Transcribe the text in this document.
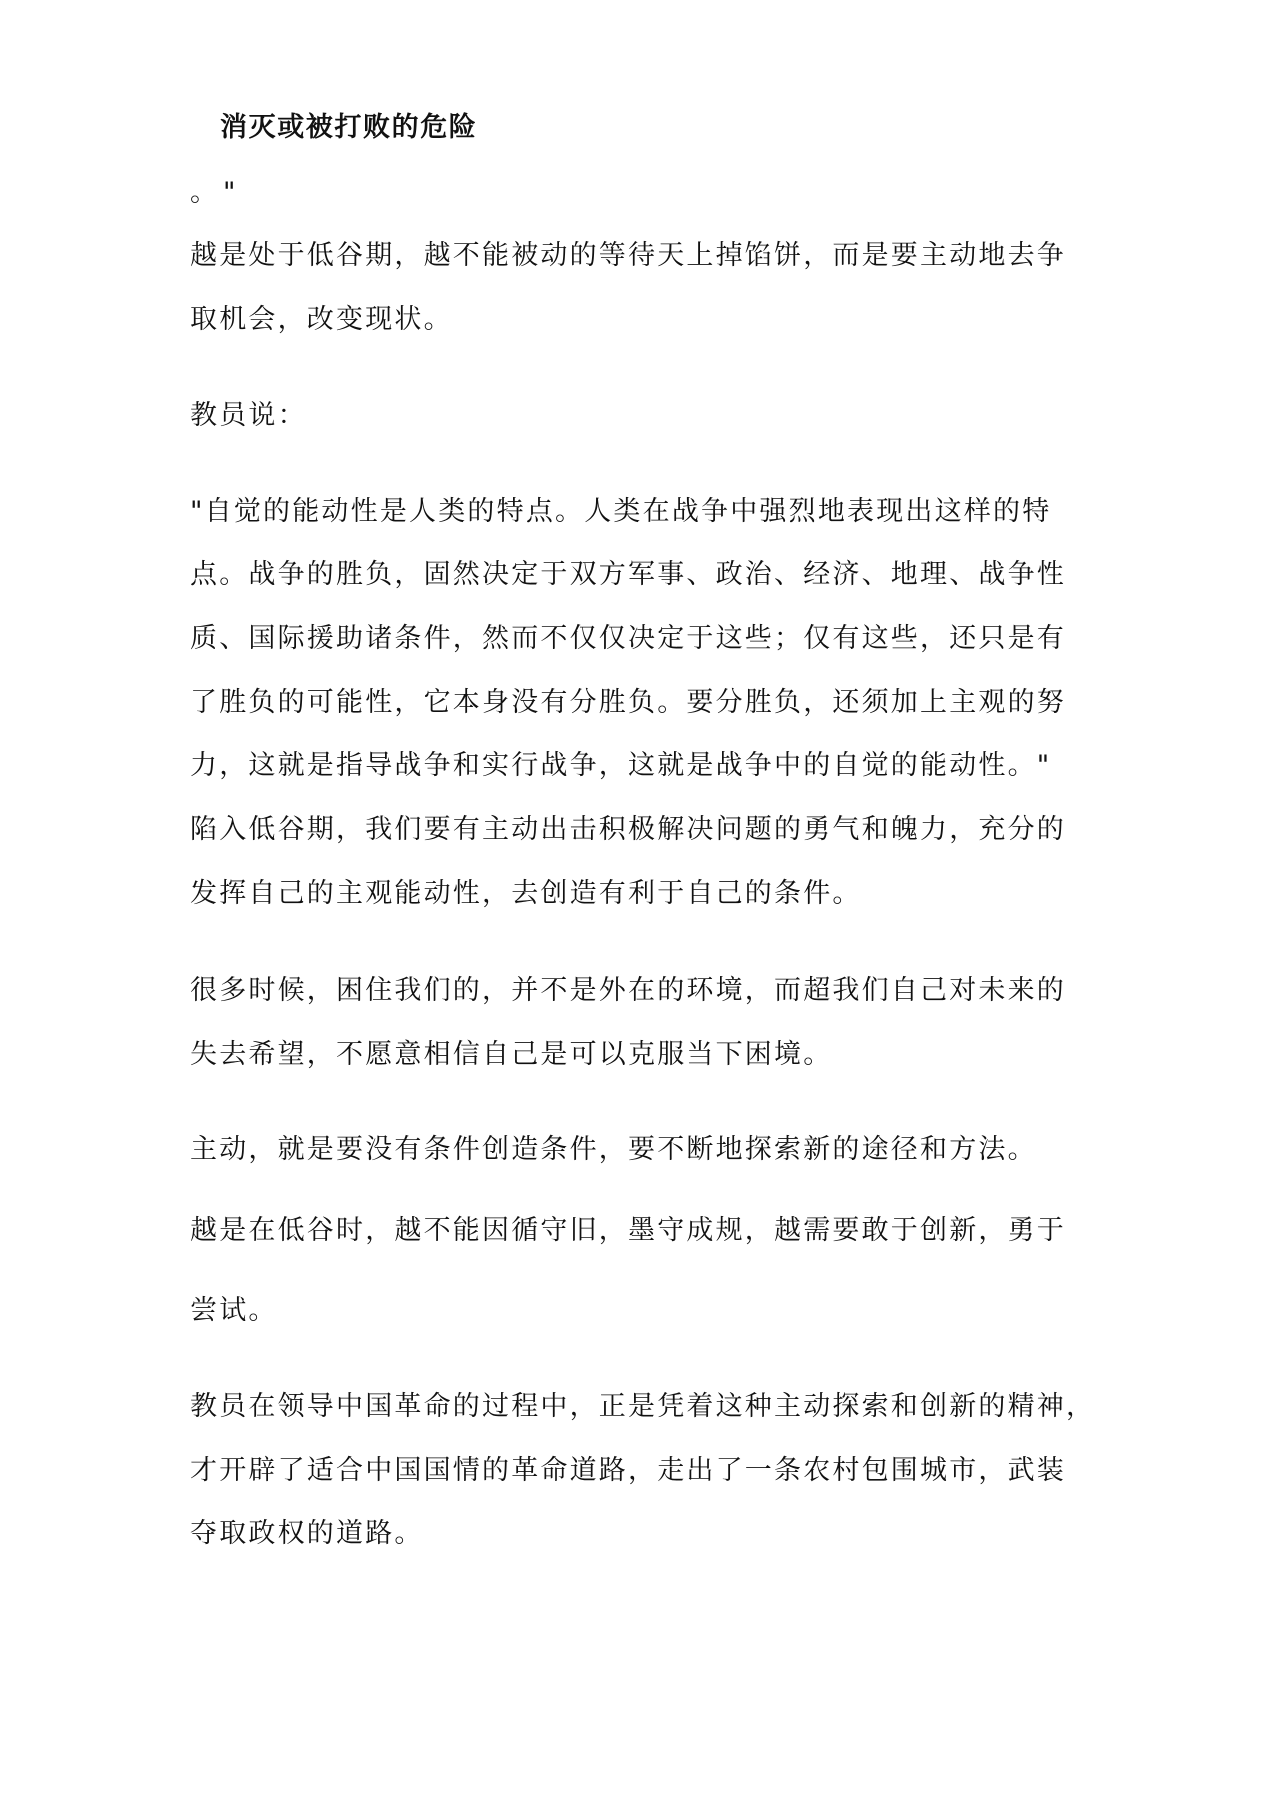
消灭或被打败的危险

。"

越是处于低谷期，越不能被动的等待天上掉馅饼，而是要主动地去争

取机会，改变现状。

教员说：

"自觉的能动性是人类的特点。人类在战争中强烈地表现出这样的特

点。战争的胜负，固然决定于双方军事、政治、经济、地理、战争性

质、国际援助诸条件，然而不仅仅决定于这些；仅有这些，还只是有

了胜负的可能性，它本身没有分胜负。要分胜负，还须加上主观的努

力，这就是指导战争和实行战争，这就是战争中的自觉的能动性。"

陷入低谷期，我们要有主动出击积极解决问题的勇气和魄力，充分的

发挥自己的主观能动性，去创造有利于自己的条件。

很多时候，困住我们的，并不是外在的环境，而超我们自己对未来的

失去希望，不愿意相信自己是可以克服当下困境。

主动，就是要没有条件创造条件，要不断地探索新的途径和方法。

越是在低谷时，越不能因循守旧，墨守成规，越需要敢于创新，勇于

尝试。

教员在领导中国革命的过程中，正是凭着这种主动探索和创新的精神，

才开辟了适合中国国情的革命道路，走出了一条农村包围城市，武装

夺取政权的道路。
